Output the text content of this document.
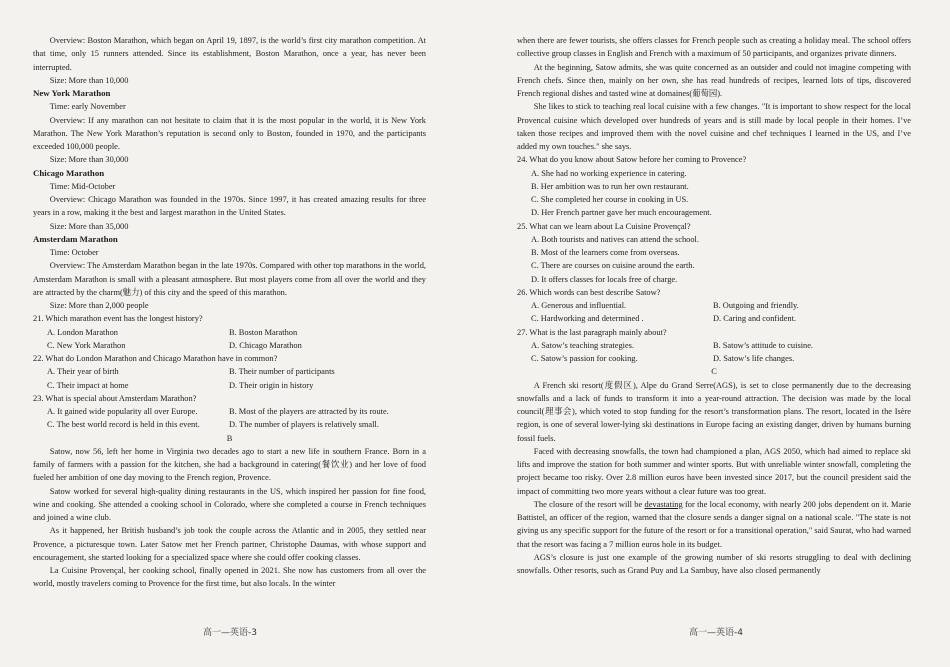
Overview: Boston Marathon, which began on April 19, 1897, is the world’s first city marathon competition. At that time, only 15 runners attended. Since its establishment, Boston Marathon, once a year, has never been interrupted.

Size: More than 10,000

New York Marathon

Time: early November

Overview: If any marathon can not hesitate to claim that it is the most popular in the world, it is New York Marathon. The New York Marathon’s reputation is second only to Boston, founded in 1970, and the participants exceeded 100,000 people.

Size: More than 30,000

Chicago Marathon

Time: Mid-October

Overview: Chicago Marathon was founded in the 1970s. Since 1997, it has created amazing results for three years in a row, making it the best and largest marathon in the United States.

Size: More than 35,000

Amsterdam Marathon

Time: October

Overview: The Amsterdam Marathon began in the late 1970s. Compared with other top marathons in the world, Amsterdam Marathon is small with a pleasant atmosphere. But most players come from all over the world and they are attracted by the charm(魅力) of this city and the speed of this marathon.

Size: More than 2,000 people

21. Which marathon event has the longest history?

A. London Marathon	B. Boston Marathon
C. New York Marathon	D. Chicago Marathon

22. What do London Marathon and Chicago Marathon have in common?

A. Their year of birth	B. Their number of participants
C. Their impact at home	D. Their origin in history

23. What is special about Amsterdam Marathon?

A. It gained wide popularity all over Europe.	B. Most of the players are attracted by its route.
C. The best world record is held in this event.	D. The number of players is relatively small.

B

Satow, now 56, left her home in Virginia two decades ago to start a new life in southern France. Born in a family of farmers with a passion for the kitchen, she had a background in catering(餐饮业) and her love of food fueled her ambition of one day moving to the French region, Provence.

Satow worked for several high-quality dining restaurants in the US, which inspired her passion for fine food, wine and cooking. She attended a cooking school in Colorado, where she completed a course in French techniques and joined a wine club.

As it happened, her British husband’s job took the couple across the Atlantic and in 2005, they settled near Provence, a picturesque town. Later Satow met her French partner, Christophe Daumas, with whose support and encouragement, she started looking for a specialized space where she could offer cooking classes.

La Cuisine Provençal, her cooking school, finally opened in 2021. She now has customers from all over the world, mostly travelers coming to Provence for the first time, but also locals. In the winter

when there are fewer tourists, she offers classes for French people such as creating a holiday meal. The school offers collective group classes in English and French with a maximum of 50 participants, and organizes private dinners.

At the beginning, Satow admits, she was quite concerned as an outsider and could not imagine competing with French chefs. Since then, mainly on her own, she has read hundreds of recipes, learned lots of tips, discovered French regional dishes and tasted wine at domaines(葡萄园).

She likes to stick to teaching real local cuisine with a few changes. "It is important to show respect for the local Provencal cuisine which developed over hundreds of years and is still made by local people in their homes. I’ve taken those recipes and improved them with the novel cuisine and chef techniques I learned in the US, and I’ve added my own touches." she says.

24. What do you know about Satow before her coming to Provence?

A. She had no working experience in catering.

B. Her ambition was to run her own restaurant.

C. She completed her course in cooking in US.

D. Her French partner gave her much encouragement.

25. What can we learn about La Cuisine Provençal?

A. Both tourists and natives can attend the school.

B. Most of the learners come from overseas.

C. There are courses on cuisine around the earth.

D. It offers classes for locals free of charge.

26. Which words can best describe Satow?

A. Generous and influential.	B. Outgoing and friendly.
C. Hardworking and determined .	D. Caring and confident.

27. What is the last paragraph mainly about?

A. Satow’s teaching strategies.	B. Satow’s attitude to cuisine.
C. Satow’s passion for cooking.	D. Satow’s life changes.

C

A French ski resort(度假区), Alpe du Grand Serre(AGS), is set to close permanently due to the decreasing snowfalls and a lack of funds to transform it into a year-round attraction. The decision was made by the local council(理事会), which voted to stop funding for the resort’s transformation plans. The resort, located in the Isère region, is one of several lower-lying ski destinations in Europe facing an existing danger, driven by humans burning fossil fuels.

Faced with decreasing snowfalls, the town had championed a plan, AGS 2050, which had aimed to replace ski lifts and improve the station for both summer and winter sports. But with unreliable winter snowfall, completing the project became too risky. Over 2.8 million euros have been invested since 2017, but the council president said the impact of committing two more years without a clear future was too great.

The closure of the resort will be devastating for the local economy, with nearly 200 jobs dependent on it. Marie Battistel, an officer of the region, warned that the closure sends a danger signal on a national scale. "The state is not giving us any specific support for the future of the resort or for a transitional operation," said Saurat, who had warned that the resort was facing a 7 million euros hole in its budget.

AGS’s closure is just one example of the growing number of ski resorts struggling to deal with declining snowfalls. Other resorts, such as Grand Puy and La Sambuy, have also closed permanently

高一—英语-3	高一—英语-4
